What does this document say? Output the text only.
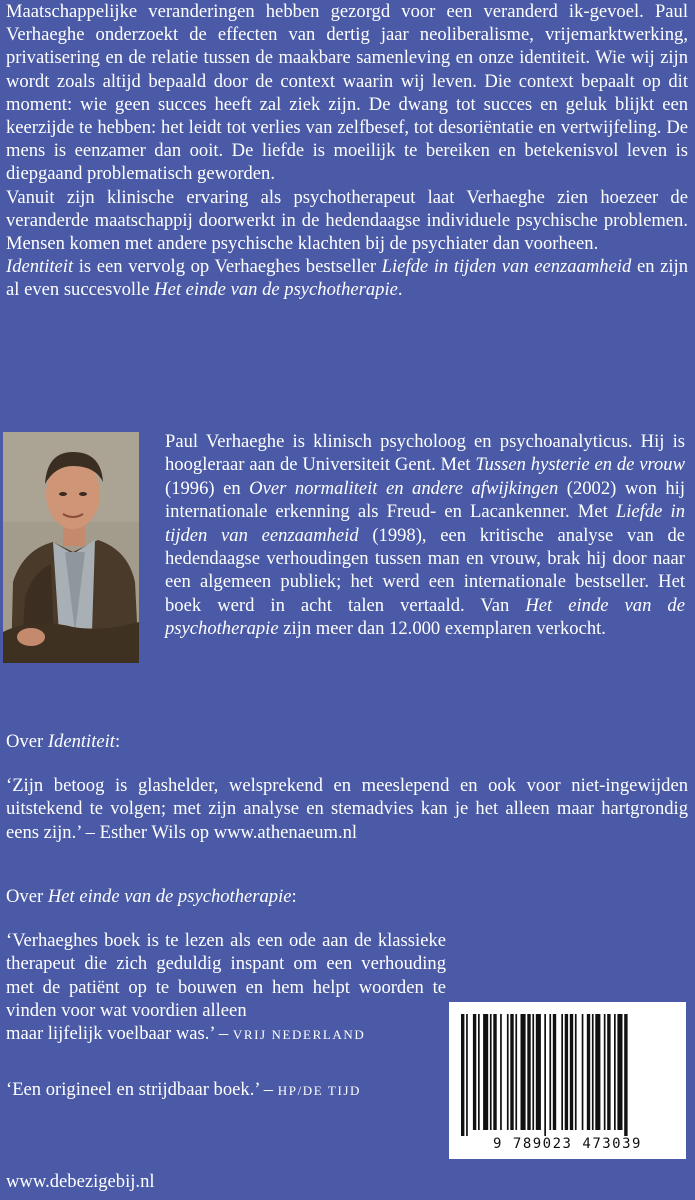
Maatschappelijke veranderingen hebben gezorgd voor een veranderd ik-gevoel. Paul Verhaeghe onderzoekt de effecten van dertig jaar neoliberalisme, vrijemarktwerking, privatisering en de relatie tussen de maakbare samenleving en onze identiteit. Wie wij zijn wordt zoals altijd bepaald door de context waarin wij leven. Die context bepaalt op dit moment: wie geen succes heeft zal ziek zijn. De dwang tot succes en geluk blijkt een keerzijde te hebben: het leidt tot verlies van zelfbesef, tot desoriëntatie en vertwijfeling. De mens is eenzamer dan ooit. De liefde is moeilijk te bereiken en betekenisvol leven is diepgaand problematisch geworden.

Vanuit zijn klinische ervaring als psychotherapeut laat Verhaeghe zien hoezeer de veranderde maatschappij doorwerkt in de hedendaagse individuele psychische problemen. Mensen komen met andere psychische klachten bij de psychiater dan voorheen.

Identiteit is een vervolg op Verhaeghes bestseller Liefde in tijden van eenzaamheid en zijn al even succesvolle Het einde van de psychotherapie.

Paul Verhaeghe is klinisch psycholoog en psychoanalyticus. Hij is hoogleraar aan de Universiteit Gent. Met Tussen hysterie en de vrouw (1996) en Over normaliteit en andere afwijkingen (2002) won hij internationale erkenning als Freud- en Lacankenner. Met Liefde in tijden van eenzaamheid (1998), een kritische analyse van de hedendaagse verhoudingen tussen man en vrouw, brak hij door naar een algemeen publiek; het werd een internationale bestseller. Het boek werd in acht talen vertaald. Van Het einde van de psychotherapie zijn meer dan 12.000 exemplaren verkocht.

Over Identiteit:

‘Zijn betoog is glashelder, welsprekend en meeslepend en ook voor niet-ingewijden uitstekend te volgen; met zijn analyse en stemadvies kan je het alleen maar hartgrondig eens zijn.’ – Esther Wils op www.athenaeum.nl

Over Het einde van de psychotherapie:

‘Verhaeghes boek is te lezen als een ode aan de klassieke therapeut die zich geduldig inspant om een verhouding met de patiënt op te bouwen en hem helpt woorden te vinden voor wat voordien alleen

maar lijfelijk voelbaar was.’ – VRIJ NEDERLAND

‘Een origineel en strijdbaar boek.’ – HP/DE TIJD

9 789023 473039
www.debezigebij.nl
